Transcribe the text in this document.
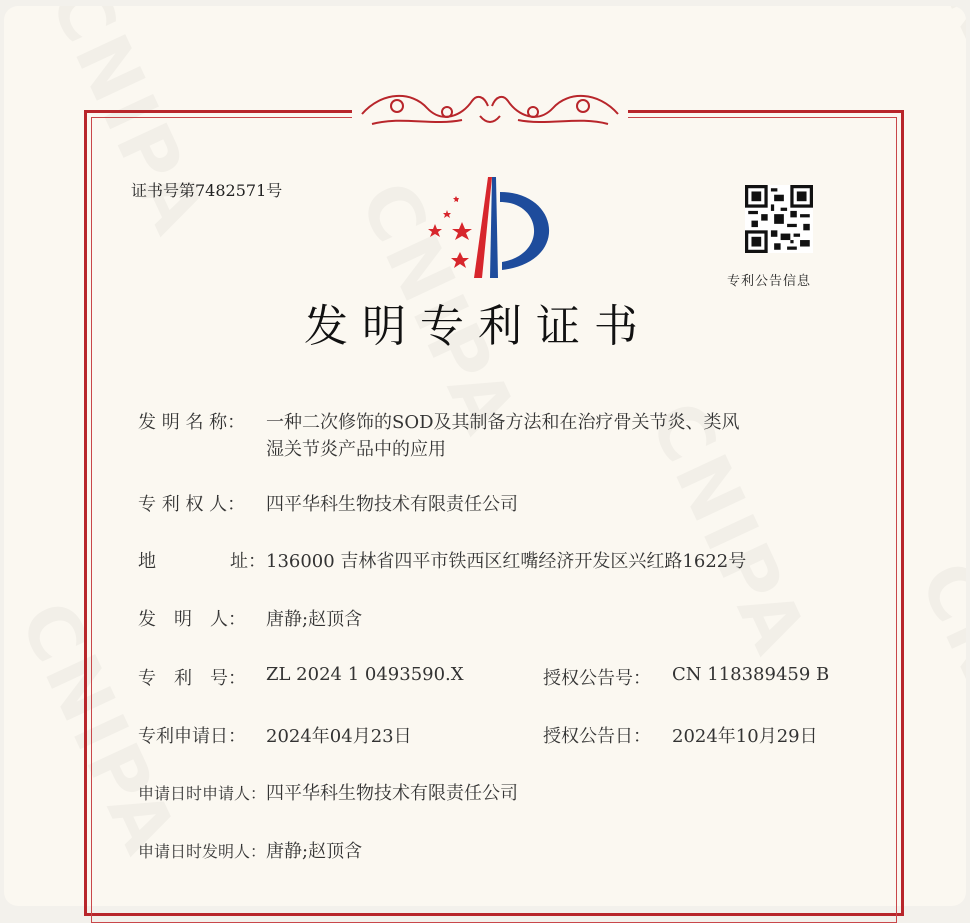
证书号第7482571号
专利公告信息
发明专利证书
发 明 名 称： 一种二次修饰的SOD及其制备方法和在治疗骨关节炎、类风
湿关节炎产品中的应用
专 利 权 人： 四平华科生物技术有限责任公司
地	址： 136000 吉林省四平市铁西区红嘴经济开发区兴红路1622号
发　明　人： 唐静;赵顶含
专　利　号： ZL 2024 1 0493590.X	授权公告号： CN 118389459 B
专利申请日： 2024年04月23日	授权公告日： 2024年10月29日
申请日时申请人： 四平华科生物技术有限责任公司
申请日时发明人： 唐静;赵顶含
